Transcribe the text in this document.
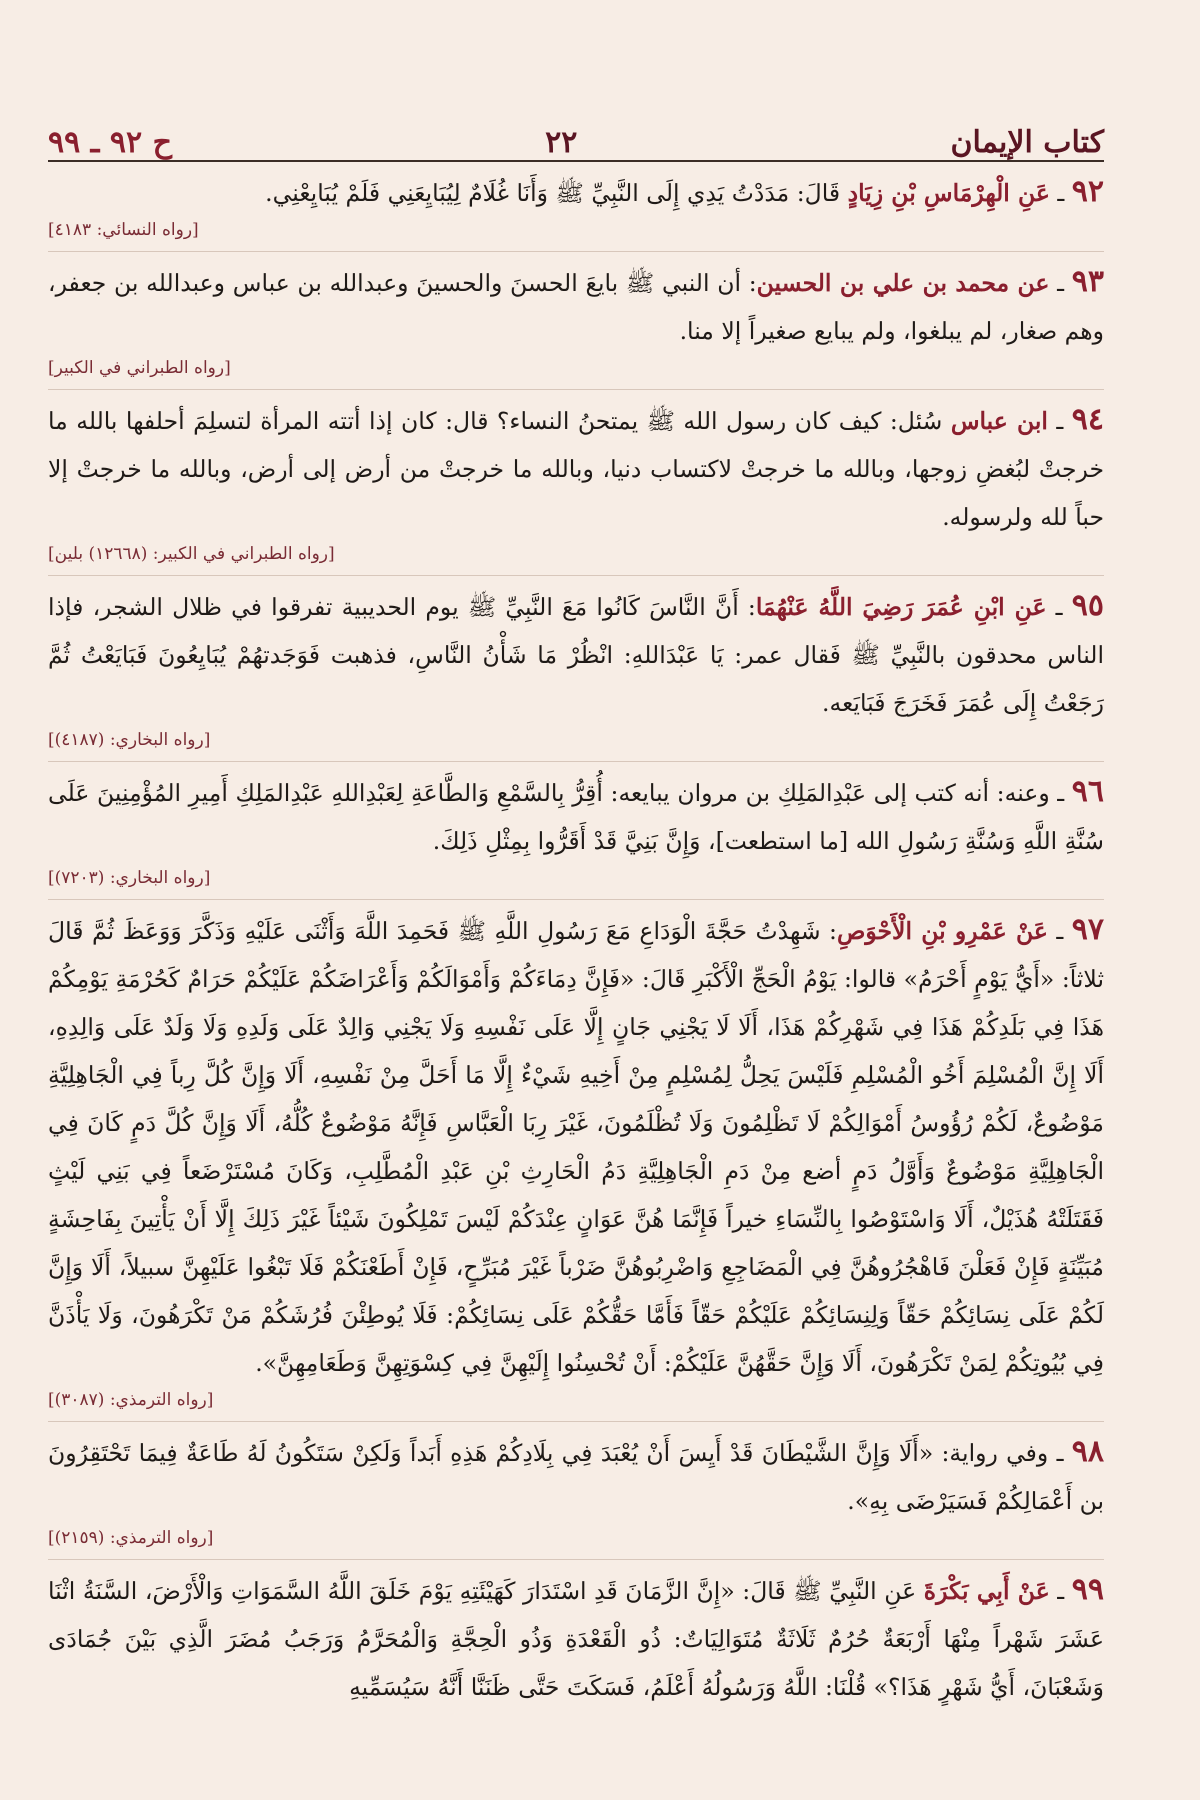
كتاب الإيمان
٢٢
ح ٩٢ ـ ٩٩
٩٢ ـ عَنِ الْهِرْمَاسِ بْنِ زِيَادٍ قَالَ: مَدَدْتُ يَدِي إِلَى النَّبِيِّ ﷺ وَأَنَا غُلَامٌ لِيُبَايِعَنِي فَلَمْ يُبَايِعْنِي.
[رواه النسائي: ٤١٨٣]
٩٣ ـ عن محمد بن علي بن الحسين: أن النبي ﷺ بايعَ الحسنَ والحسينَ وعبدالله بن عباس وعبدالله بن جعفر، وهم صغار، لم يبلغوا، ولم يبايع صغيراً إلا منا.
[رواه الطبراني في الكبير]
٩٤ ـ ابن عباس سُئل: كيف كان رسول الله ﷺ يمتحنُ النساء؟ قال: كان إذا أتته المرأة لتسلِمَ أحلفها بالله ما خرجتْ لبُغضِ زوجها، وبالله ما خرجتْ لاكتساب دنيا، وبالله ما خرجتْ من أرض إلى أرض، وبالله ما خرجتْ إلا حباً لله ولرسوله.
[رواه الطبراني في الكبير: (١٢٦٦٨) بلين]
٩٥ ـ عَنِ ابْنِ عُمَرَ رَضِيَ اللَّهُ عَنْهُمَا: أَنَّ النَّاسَ كَانُوا مَعَ النَّبِيِّ ﷺ يوم الحديبية تفرقوا في ظلال الشجر، فإذا الناس محدقون بالنَّبِيِّ ﷺ فَقال عمر: يَا عَبْدَاللهِ: انْظُرْ مَا شَأْنُ النَّاسِ، فذهبت فَوَجَدتهُمْ يُبَايِعُونَ فَبَايَعْتُ ثُمَّ رَجَعْتُ إِلَى عُمَرَ فَخَرَجَ فَبَايَعه.
[رواه البخاري: (٤١٨٧)]
٩٦ ـ وعنه: أنه كتب إلى عَبْدِالمَلِكِ بن مروان يبايعه: أُقِرُّ بِالسَّمْعِ وَالطَّاعَةِ لِعَبْدِاللهِ عَبْدِالمَلِكِ أَمِيرِ المُؤْمِنِينَ عَلَى سُنَّةِ اللَّهِ وَسُنَّةِ رَسُولِ الله [ما استطعت]، وَإِنَّ بَنِيَّ قَدْ أَقَرُّوا بِمِثْلِ ذَلِكَ.
[رواه البخاري: (٧٢٠٣)]
٩٧ ـ عَنْ عَمْرِو بْنِ الْأَحْوَصِ: شَهِدْتُ حَجَّةَ الْوَدَاعِ مَعَ رَسُولِ اللَّهِ ﷺ فَحَمِدَ اللَّهَ وَأَثْنَى عَلَيْهِ وَذَكَّرَ وَوَعَظَ ثُمَّ قَالَ ثلاثاً: «أَيُّ يَوْمٍ أَحْرَمُ» قالوا: يَوْمُ الْحَجِّ الْأَكْبَرِ قَالَ: «فَإِنَّ دِمَاءَكُمْ وَأَمْوَالَكُمْ وَأَعْرَاضَكُمْ عَلَيْكُمْ حَرَامٌ كَحُرْمَةِ يَوْمِكُمْ هَذَا فِي بَلَدِكُمْ هَذَا فِي شَهْرِكُمْ هَذَا، أَلَا لَا يَجْنِي جَانٍ إِلَّا عَلَى نَفْسِهِ وَلَا يَجْنِي وَالِدٌ عَلَى وَلَدِهِ وَلَا وَلَدٌ عَلَى وَالِدِهِ، أَلَا إِنَّ الْمُسْلِمَ أَخُو الْمُسْلِمِ فَلَيْسَ يَحِلُّ لِمُسْلِمٍ مِنْ أَخِيهِ شَيْءٌ إِلَّا مَا أَحَلَّ مِنْ نَفْسِهِ، أَلَا وَإِنَّ كُلَّ رِباً فِي الْجَاهِلِيَّةِ مَوْضُوعٌ، لَكُمْ رُؤُوسُ أَمْوَالِكُمْ لَا تَظْلِمُونَ وَلَا تُظْلَمُونَ، غَيْرَ رِبَا الْعَبَّاسِ فَإِنَّهُ مَوْضُوعٌ كُلُّهُ، أَلَا وَإِنَّ كُلَّ دَمٍ كَانَ فِي الْجَاهِلِيَّةِ مَوْضُوعٌ وَأَوَّلُ دَمٍ أضع مِنْ دَمِ الْجَاهِلِيَّةِ دَمُ الْحَارِثِ بْنِ عَبْدِ الْمُطَّلِبِ، وَكَانَ مُسْتَرْضَعاً فِي بَنِي لَيْثٍ فَقَتَلَتْهُ هُذَيْلٌ، أَلَا وَاسْتَوْصُوا بِالنِّسَاءِ خيراً فَإِنَّمَا هُنَّ عَوَانٍ عِنْدَكُمْ لَيْسَ تَمْلِكُونَ شَيْئاً غَيْرَ ذَلِكَ إِلَّا أَنْ يَأْتِينَ بِفَاحِشَةٍ مُبَيِّنَةٍ فَإِنْ فَعَلْنَ فَاهْجُرُوهُنَّ فِي الْمَضَاجِعِ وَاضْرِبُوهُنَّ ضَرْباً غَيْرَ مُبَرِّحٍ، فَإِنْ أَطَعْنَكُمْ فَلَا تَبْغُوا عَلَيْهِنَّ سبيلاً، أَلَا وَإِنَّ لَكُمْ عَلَى نِسَائِكُمْ حَقّاً وَلِنِسَائِكُمْ عَلَيْكُمْ حَقّاً فَأَمَّا حَقُّكُمْ عَلَى نِسَائِكُمْ: فَلَا يُوطِئْنَ فُرُشَكُمْ مَنْ تَكْرَهُونَ، وَلَا يَأْذَنَّ فِي بُيُوتِكُمْ لِمَنْ تَكْرَهُونَ، أَلَا وَإِنَّ حَقَّهُنَّ عَلَيْكُمْ: أَنْ تُحْسِنُوا إِلَيْهِنَّ فِي كِسْوَتِهِنَّ وَطَعَامِهِنَّ».
[رواه الترمذي: (٣٠٨٧)]
٩٨ ـ وفي رواية: «أَلَا وَإِنَّ الشَّيْطَانَ قَدْ أَيِسَ أَنْ يُعْبَدَ فِي بِلَادِكُمْ هَذِهِ أَبَداً وَلَكِنْ سَتَكُونُ لَهُ طَاعَةٌ فِيمَا تَحْتَقِرُونَ بن أَعْمَالِكُمْ فَسَيَرْضَى بِهِ».
[رواه الترمذي: (٢١٥٩)]
٩٩ ـ عَنْ أَبِي بَكْرَةَ عَنِ النَّبِيِّ ﷺ قَالَ: «إِنَّ الزَّمَانَ قَدِ اسْتَدَارَ كَهَيْئَتِهِ يَوْمَ خَلَقَ اللَّهُ السَّمَوَاتِ وَالْأَرْضَ، السَّنَةُ اثْنَا عَشَرَ شَهْراً مِنْهَا أَرْبَعَةٌ حُرُمٌ ثَلَاثَةٌ مُتَوَالِيَاتٌ: ذُو الْقَعْدَةِ وَذُو الْحِجَّةِ وَالْمُحَرَّمُ وَرَجَبُ مُضَرَ الَّذِي بَيْنَ جُمَادَى وَشَعْبَانَ، أَيُّ شَهْرٍ هَذَا؟» قُلْنَا: اللَّهُ وَرَسُولُهُ أَعْلَمُ، فَسَكَتَ حَتَّى ظَنَنَّا أَنَّهُ سَيُسَمِّيهِ
